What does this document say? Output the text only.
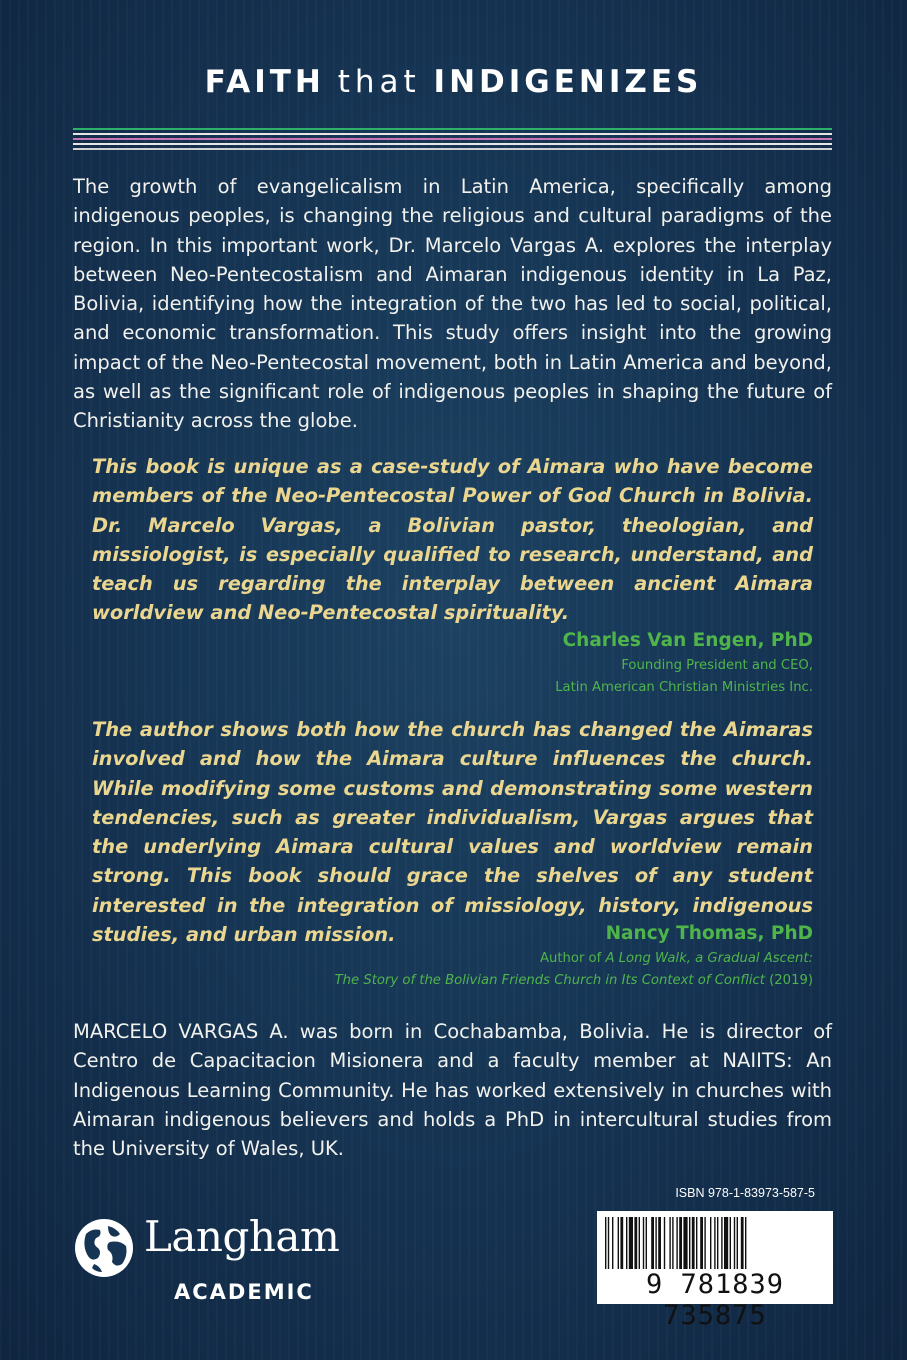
FAITH that INDIGENIZES

The growth of evangelicalism in Latin America, specifically among indigenous peoples, is changing the religious and cultural paradigms of the region. In this important work, Dr. Marcelo Vargas A. explores the interplay between Neo-Pentecostalism and Aimaran indigenous identity in La Paz, Bolivia, identifying how the integration of the two has led to social, political, and economic transformation. This study offers insight into the growing impact of the Neo-Pentecostal movement, both in Latin America and beyond, as well as the significant role of indigenous peoples in shaping the future of Christianity across the globe.

This book is unique as a case-study of Aimara who have become members of the Neo-Pentecostal Power of God Church in Bolivia. Dr. Marcelo Vargas, a Bolivian pastor, theologian, and missiologist, is especially qualified to research, understand, and teach us regarding the interplay between ancient Aimara worldview and Neo-Pentecostal spirituality.

Charles Van Engen, PhD
Founding President and CEO,
Latin American Christian Ministries Inc.

The author shows both how the church has changed the Aimaras involved and how the Aimara culture influences the church. While modifying some customs and demonstrating some western tendencies, such as greater individualism, Vargas argues that the underlying Aimara cultural values and worldview remain strong. This book should grace the shelves of any student interested in the integration of missiology, history, indigenous studies, and urban mission.	Nancy Thomas, PhD
Author of A Long Walk, a Gradual Ascent:
The Story of the Bolivian Friends Church in Its Context of Conflict (2019)

MARCELO VARGAS A. was born in Cochabamba, Bolivia. He is director of Centro de Capacitacion Misionera and a faculty member at NAIITS: An Indigenous Learning Community. He has worked extensively in churches with Aimaran indigenous believers and holds a PhD in intercultural studies from the University of Wales, UK.

Langham
ACADEMIC
ISBN 978-1-83973-587-5
9 781839 735875
